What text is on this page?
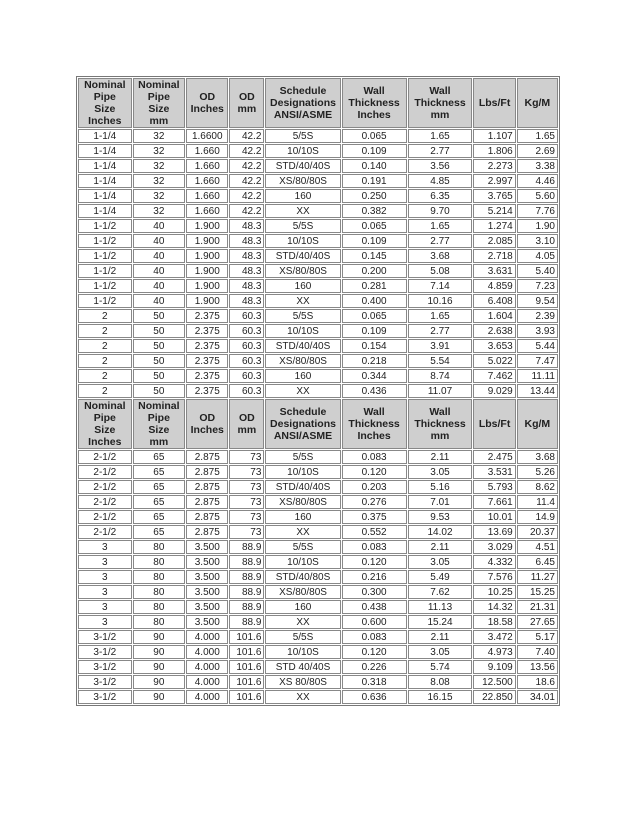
Nominal
Pipe
Size
Inches	Nominal
Pipe
Size
mm	OD
Inches	OD
mm	Schedule
Designations
ANSI/ASME	Wall
Thickness
Inches	Wall
Thickness
mm	Lbs/Ft	Kg/M
1-1/4	32	1.6600	42.2	5/5S	0.065	1.65	1.107	1.65
1-1/4	32	1.660	42.2	10/10S	0.109	2.77	1.806	2.69
1-1/4	32	1.660	42.2	STD/40/40S	0.140	3.56	2.273	3.38
1-1/4	32	1.660	42.2	XS/80/80S	0.191	4.85	2.997	4.46
1-1/4	32	1.660	42.2	160	0.250	6.35	3.765	5.60
1-1/4	32	1.660	42.2	XX	0.382	9.70	5.214	7.76
1-1/2	40	1.900	48.3	5/5S	0.065	1.65	1.274	1.90
1-1/2	40	1.900	48.3	10/10S	0.109	2.77	2.085	3.10
1-1/2	40	1.900	48.3	STD/40/40S	0.145	3.68	2.718	4.05
1-1/2	40	1.900	48.3	XS/80/80S	0.200	5.08	3.631	5.40
1-1/2	40	1.900	48.3	160	0.281	7.14	4.859	7.23
1-1/2	40	1.900	48.3	XX	0.400	10.16	6.408	9.54
2	50	2.375	60.3	5/5S	0.065	1.65	1.604	2.39
2	50	2.375	60.3	10/10S	0.109	2.77	2.638	3.93
2	50	2.375	60.3	STD/40/40S	0.154	3.91	3.653	5.44
2	50	2.375	60.3	XS/80/80S	0.218	5.54	5.022	7.47
2	50	2.375	60.3	160	0.344	8.74	7.462	11.11
2	50	2.375	60.3	XX	0.436	11.07	9.029	13.44
Nominal
Pipe
Size
Inches	Nominal
Pipe
Size
mm	OD
Inches	OD
mm	Schedule
Designations
ANSI/ASME	Wall
Thickness
Inches	Wall
Thickness
mm	Lbs/Ft	Kg/M
2-1/2	65	2.875	73	5/5S	0.083	2.11	2.475	3.68
2-1/2	65	2.875	73	10/10S	0.120	3.05	3.531	5.26
2-1/2	65	2.875	73	STD/40/40S	0.203	5.16	5.793	8.62
2-1/2	65	2.875	73	XS/80/80S	0.276	7.01	7.661	11.4
2-1/2	65	2.875	73	160	0.375	9.53	10.01	14.9
2-1/2	65	2.875	73	XX	0.552	14.02	13.69	20.37
3	80	3.500	88.9	5/5S	0.083	2.11	3.029	4.51
3	80	3.500	88.9	10/10S	0.120	3.05	4.332	6.45
3	80	3.500	88.9	STD/40/80S	0.216	5.49	7.576	11.27
3	80	3.500	88.9	XS/80/80S	0.300	7.62	10.25	15.25
3	80	3.500	88.9	160	0.438	11.13	14.32	21.31
3	80	3.500	88.9	XX	0.600	15.24	18.58	27.65
3-1/2	90	4.000	101.6	5/5S	0.083	2.11	3.472	5.17
3-1/2	90	4.000	101.6	10/10S	0.120	3.05	4.973	7.40
3-1/2	90	4.000	101.6	STD 40/40S	0.226	5.74	9.109	13.56
3-1/2	90	4.000	101.6	XS 80/80S	0.318	8.08	12.500	18.6
3-1/2	90	4.000	101.6	XX	0.636	16.15	22.850	34.01
